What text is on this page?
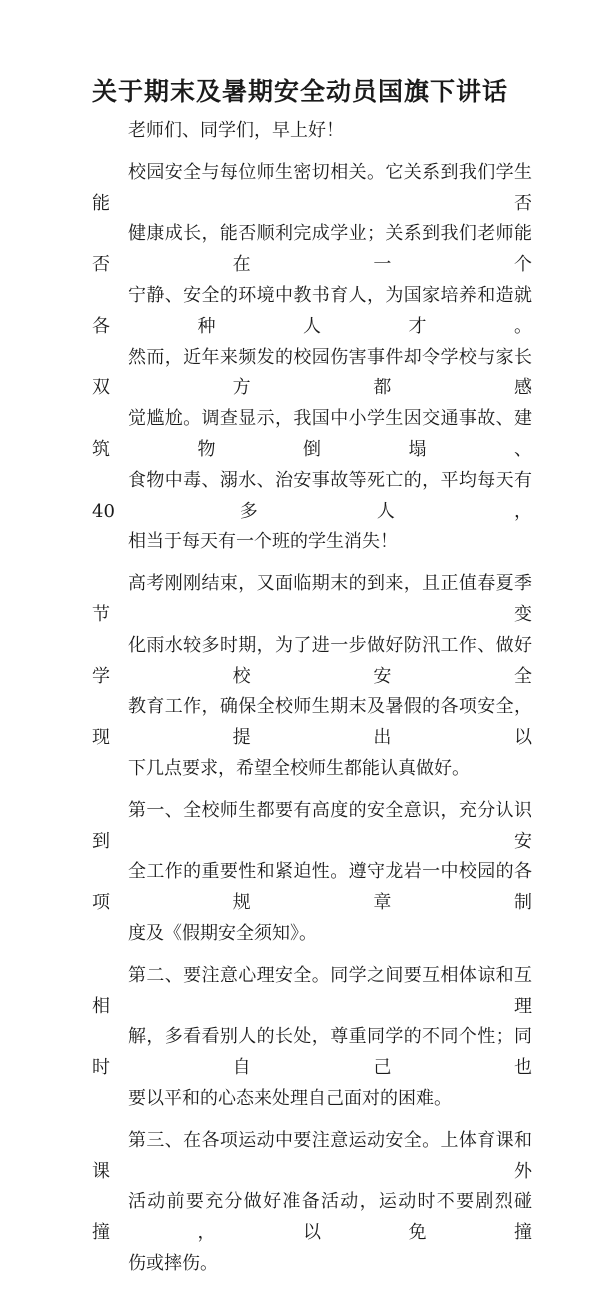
关于期末及暑期安全动员国旗下讲话

老师们、同学们，早上好！

校园安全与每位师生密切相关。它关系到我们学生能否
健康成长，能否顺利完成学业；关系到我们老师能否在一个
宁静、安全的环境中教书育人，为国家培养和造就各种人才。
然而，近年来频发的校园伤害事件却令学校与家长双方都感
觉尴尬。调查显示，我国中小学生因交通事故、建筑物倒塌、
食物中毒、溺水、治安事故等死亡的，平均每天有 40 多人，
相当于每天有一个班的学生消失！

高考刚刚结束，又面临期末的到来，且正值春夏季节变
化雨水较多时期，为了进一步做好防汛工作、做好学校安全
教育工作，确保全校师生期末及暑假的各项安全，现提出以
下几点要求，希望全校师生都能认真做好。

第一、全校师生都要有高度的安全意识，充分认识到安
全工作的重要性和紧迫性。遵守龙岩一中校园的各项规章制
度及《假期安全须知》。

第二、要注意心理安全。同学之间要互相体谅和互相理
解，多看看别人的长处，尊重同学的不同个性；同时自己也
要以平和的心态来处理自己面对的困难。

第三、在各项运动中要注意运动安全。上体育课和课外
活动前要充分做好准备活动，运动时不要剧烈碰撞，以免撞
伤或摔伤。
